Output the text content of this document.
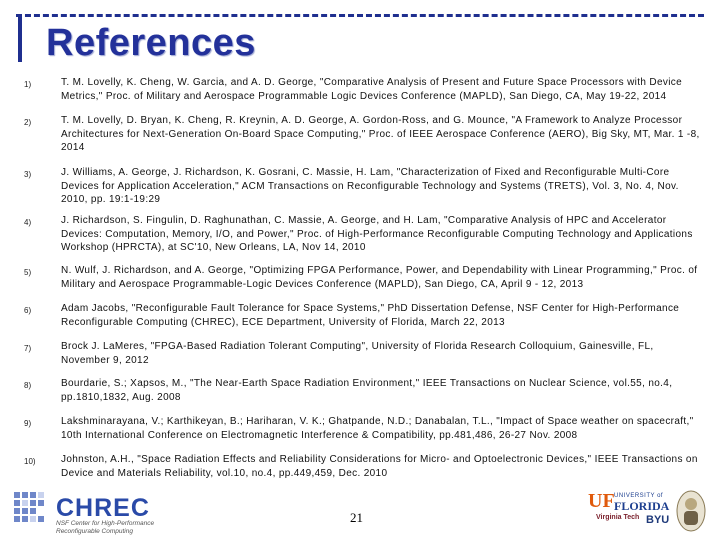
References
1)	T. M. Lovelly, K. Cheng, W. Garcia, and A. D. George, "Comparative Analysis of Present and Future Space Processors with Device Metrics," Proc. of Military and Aerospace Programmable Logic Devices Conference (MAPLD), San Diego, CA, May 19-22, 2014
2)	T. M. Lovelly, D. Bryan, K. Cheng, R. Kreynin, A. D. George, A. Gordon-Ross, and G. Mounce, "A Framework to Analyze Processor Architectures for Next-Generation On-Board Space Computing," Proc. of IEEE Aerospace Conference (AERO), Big Sky, MT, Mar. 1 -8, 2014
3)	J. Williams, A. George, J. Richardson, K. Gosrani, C. Massie, H. Lam, "Characterization of Fixed and Reconfigurable Multi-Core Devices for Application Acceleration," ACM Transactions on Reconfigurable Technology and Systems (TRETS), Vol. 3, No. 4, Nov. 2010, pp. 19:1-19:29
4)	J. Richardson, S. Fingulin, D. Raghunathan, C. Massie, A. George, and H. Lam, "Comparative Analysis of HPC and Accelerator Devices: Computation, Memory, I/O, and Power," Proc. of High-Performance Reconfigurable Computing Technology and Applications Workshop (HPRCTA), at SC'10, New Orleans, LA, Nov 14, 2010
5)	N. Wulf, J. Richardson, and A. George, "Optimizing FPGA Performance, Power, and Dependability with Linear Programming," Proc. of Military and Aerospace Programmable-Logic Devices Conference (MAPLD), San Diego, CA, April 9 - 12, 2013
6)	Adam Jacobs, "Reconfigurable Fault Tolerance for Space Systems," PhD Dissertation Defense, NSF Center for High-Performance Reconfigurable Computing (CHREC), ECE Department, University of Florida, March 22, 2013
7)	Brock J. LaMeres, "FPGA-Based Radiation Tolerant Computing", University of Florida Research Colloquium, Gainesville, FL, November 9, 2012
8)	Bourdarie, S.; Xapsos, M., "The Near-Earth Space Radiation Environment," IEEE Transactions on Nuclear Science, vol.55, no.4, pp.1810,1832, Aug. 2008
9)	Lakshminarayana, V.; Karthikeyan, B.; Hariharan, V. K.; Ghatpande, N.D.; Danabalan, T.L., "Impact of Space weather on spacecraft," 10th International Conference on Electromagnetic Interference & Compatibility, pp.481,486, 26-27 Nov. 2008
10)	Johnston, A.H., "Space Radiation Effects and Reliability Considerations for Micro- and Optoelectronic Devices," IEEE Transactions on Device and Materials Reliability, vol.10, no.4, pp.449,459, Dec. 2010
CHREC
NSF Center for High-Performance Reconfigurable Computing
21
UF UNIVERSITY of
FLORIDA
Virginia Tech BYU
